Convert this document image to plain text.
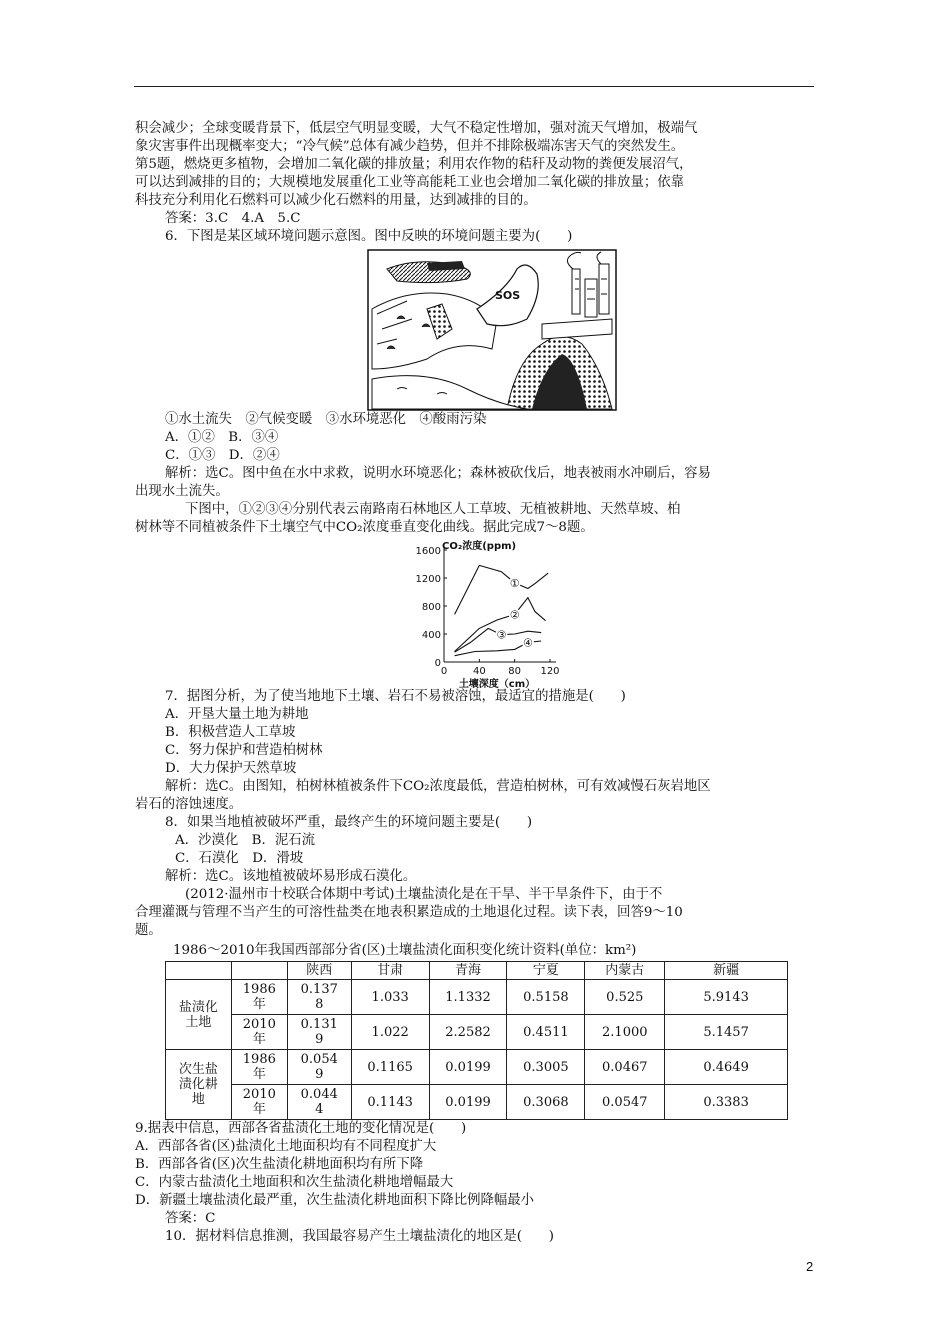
积会减少；全球变暖背景下，低层空气明显变暖，大气不稳定性增加，强对流天气增加，极端气

象灾害事件出现概率变大；“冷气候”总体有减少趋势，但并不排除极端冻害天气的突然发生。

第5题，燃烧更多植物，会增加二氧化碳的排放量；利用农作物的秸秆及动物的粪便发展沼气，

可以达到减排的目的；大规模地发展重化工业等高能耗工业也会增加二氧化碳的排放量；依靠

科技充分利用化石燃料可以减少化石燃料的用量，达到减排的目的。

答案：3.C　4.A　5.C

6．下图是某区域环境问题示意图。图中反映的环境问题主要为(　　)

SOS

①水土流失　②气候变暖　③水环境恶化　④酸雨污染

A．①②　B．③④

C．①③　D．②④

解析：选C。图中鱼在水中求救，说明水环境恶化；森林被砍伐后，地表被雨水冲刷后，容易

出现水土流失。

下图中，①②③④分别代表云南路南石林地区人工草坡、无植被耕地、天然草坡、柏

树林等不同植被条件下土壤空气中CO₂浓度垂直变化曲线。据此完成7～8题。

1600
1200
800
400
0
0	40 80 120
CO₂浓度(ppm)
土壤深度（cm）
①
②
③
④

7．据图分析，为了使当地地下土壤、岩石不易被溶蚀，最适宜的措施是(　　)

A．开垦大量土地为耕地

B．积极营造人工草坡

C．努力保护和营造柏树林

D．大力保护天然草坡

解析：选C。由图知，柏树林植被条件下CO₂浓度最低，营造柏树林，可有效减慢石灰岩地区

岩石的溶蚀速度。

8．如果当地植被破坏严重，最终产生的环境问题主要是(　　)

A．沙漠化　B．泥石流

C．石漠化　D．滑坡

解析：选C。该地植被破坏易形成石漠化。

(2012·温州市十校联合体期中考试)土壤盐渍化是在干旱、半干旱条件下，由于不

合理灌溉与管理不当产生的可溶性盐类在地表积累造成的土地退化过程。读下表，回答9～10

题。

1986～2010年我国西部部分省(区)土壤盐渍化面积变化统计资料(单位：km²)

		陕西	甘肃	青海	宁夏	内蒙古	新疆
盐渍化土地	1986年	0.1378	1.033	1.1332	0.5158	0.525	5.9143
	2010年	0.1319	1.022	2.2582	0.4511	2.1000	5.1457
次生盐渍化耕地	1986年	0.0549	0.1165	0.0199	0.3005	0.0467	0.4649
	2010年	0.0444	0.1143	0.0199	0.3068	0.0547	0.3383

9.据表中信息，西部各省盐渍化土地的变化情况是(　　)

A．西部各省(区)盐渍化土地面积均有不同程度扩大

B．西部各省(区)次生盐渍化耕地面积均有所下降

C．内蒙古盐渍化土地面积和次生盐渍化耕地增幅最大

D．新疆土壤盐渍化最严重，次生盐渍化耕地面积下降比例降幅最小

答案：C

10．据材料信息推测，我国最容易产生土壤盐渍化的地区是(　　)

2
